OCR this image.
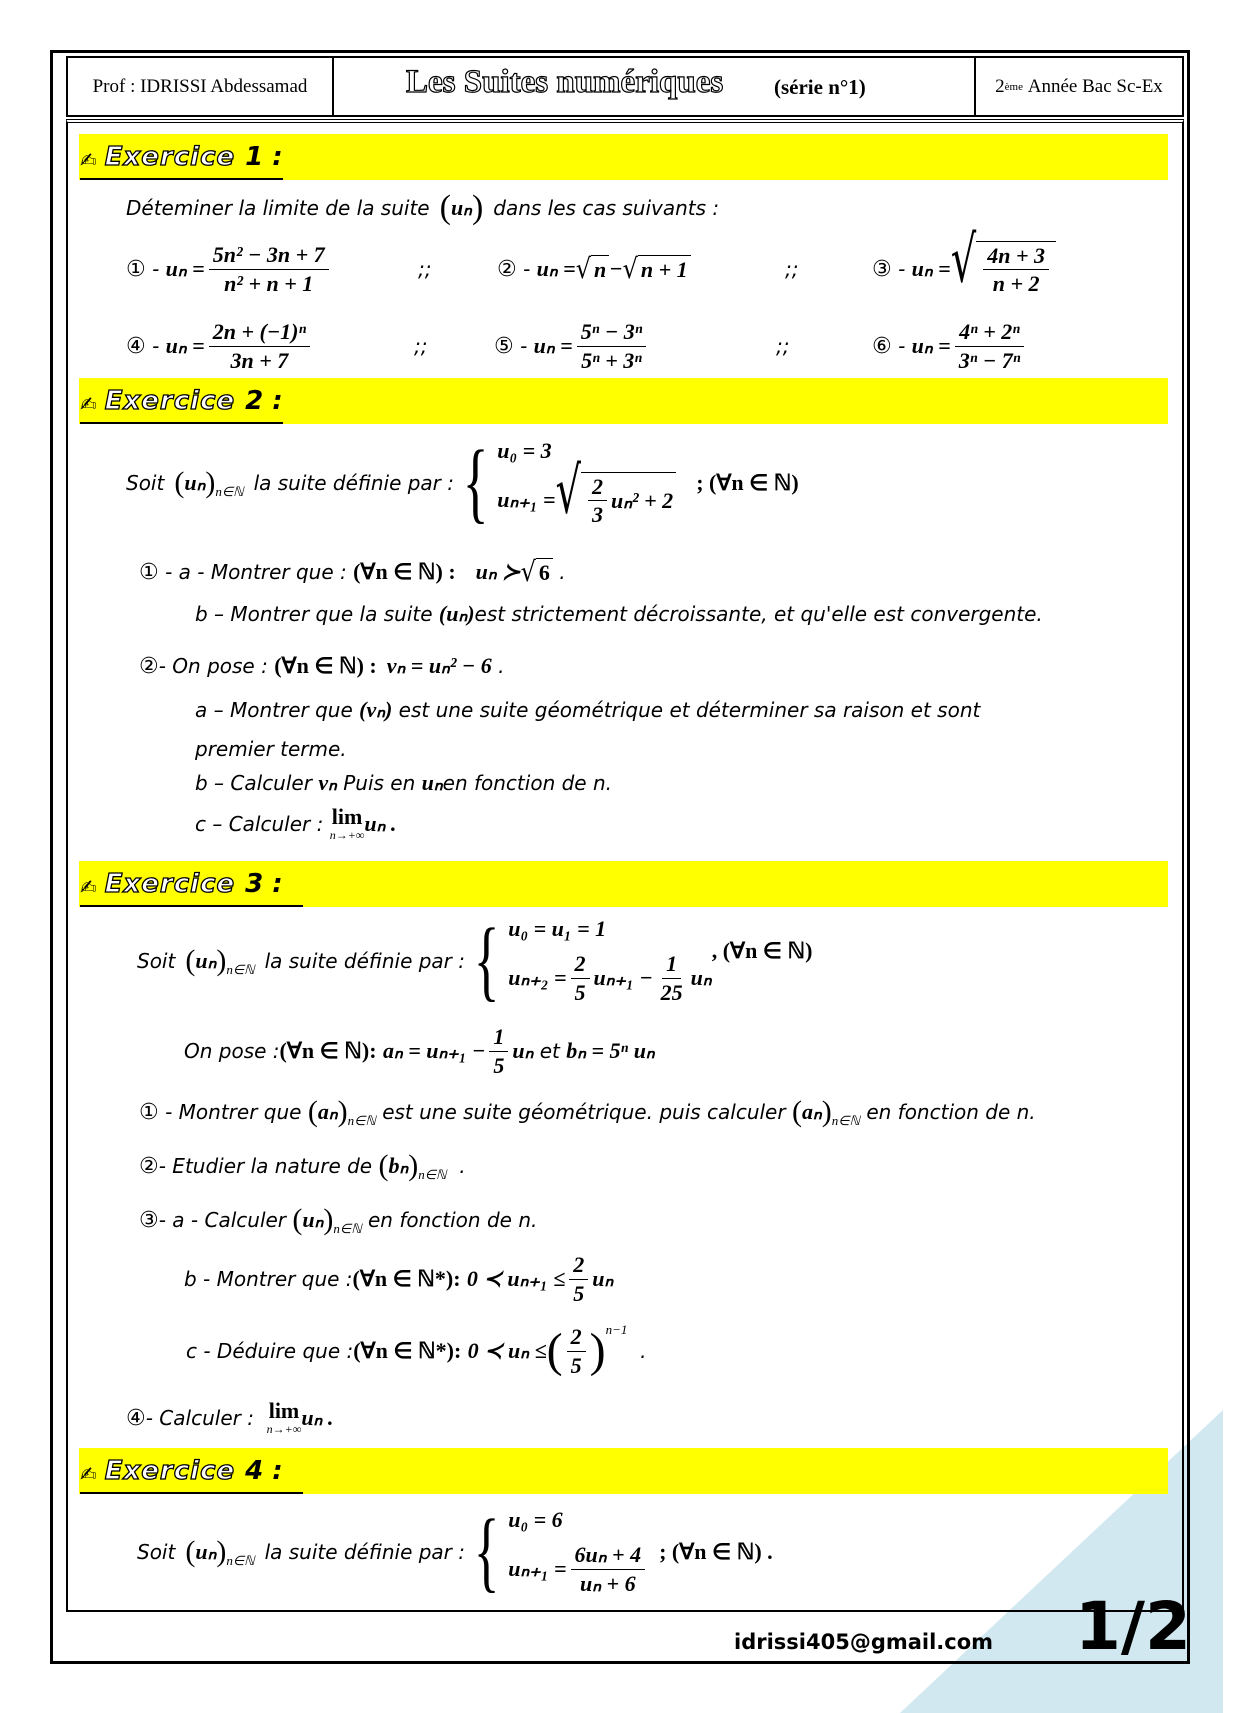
Prof : IDRISSI Abdessamad	Les Suites numériques (série n°1)	2 ème
Année Bac Sc-Ex
✍ Exercice 1 :
Déteminer la limite de la suite ( uₙ ) dans les cas suivants :
①
-
$u_n = \frac{\text{5n² − 3n + 7}}{\text{n² + n + 1}}$	;;	②
-
uₙ = √ n − √ n + 1	;;	③
-
uₙ = √ $\frac{4n + 3}{n + 2}$
④
-
$u_n = \frac{\text{2n + (−1)ⁿ}}{3n + 7}$	;;	⑤
-
$u_n = \frac{\text{5ⁿ − 3ⁿ}}{\text{5ⁿ + 3ⁿ}}$	;;	⑥
-
$u_n = \frac{\text{4ⁿ + 2ⁿ}}{\text{3ⁿ − 7ⁿ}}$
✍ Exercice 2 :
Soit ( uₙ ) n∈ℕ la suite définie par : { u₀ = 3
uₙ₊₁ = √ $\frac{2}{3} u_n^2 + 2$
; (∀n ∈ ℕ)
①
- a - Montrer que :
(∀n ∈ ℕ) : uₙ ≻ √ 6
.
b – Montrer que la suite
(uₙ) est strictement décroissante, et qu'elle est convergente.
② - On pose :
(∀n ∈ ℕ) : vₙ = uₙ² − 6 .
a – Montrer que
(vₙ)
est une suite géométrique et déterminer sa raison et sont
premier terme.
b – Calculer
vₙ
Puis en
uₙ en fonction de n.
c – Calculer :
lim
n→+∞ uₙ .
✍ Exercice 3 :
Soit ( uₙ ) n∈ℕ la suite définie par : { u₀ = u₁ = 1
$u_{n+2} = \frac{2}{5} u_{n+1} - \frac{1}{25}$ uₙ
, (∀n ∈ ℕ)
On pose : (∀n ∈ ℕ):
$a_n = u_{n+1} - \frac{1}{5}$ uₙ
et
bₙ = 5ⁿ uₙ
①
- Montrer que
( aₙ ) n∈ℕ
est une suite géométrique. puis calculer
( aₙ ) n∈ℕ
en fonction de n.
② - Etudier la nature de
( bₙ ) n∈ℕ
.
③ - a - Calculer
( uₙ ) n∈ℕ
en fonction de n.
b - Montrer que : (∀n ∈ ℕ*):
0 ≺ $u_{n+1} \le \frac{2}{5}$ uₙ
c - Déduire que : (∀n ∈ ℕ*):
0 ≺ uₙ ≤ ( $\frac{2}{5}$ ) n−1

.
④ - Calculer :
lim
n→+∞ uₙ .
✍ Exercice 4 :
Soit ( uₙ ) n∈ℕ la suite définie par : { u₀ = 6
$u_{n+1} = \frac{\text{6uₙ + 4}}{\text{uₙ + 6}}$ ; (∀n ∈ ℕ) .
idrissi405@gmail.com 1/2
